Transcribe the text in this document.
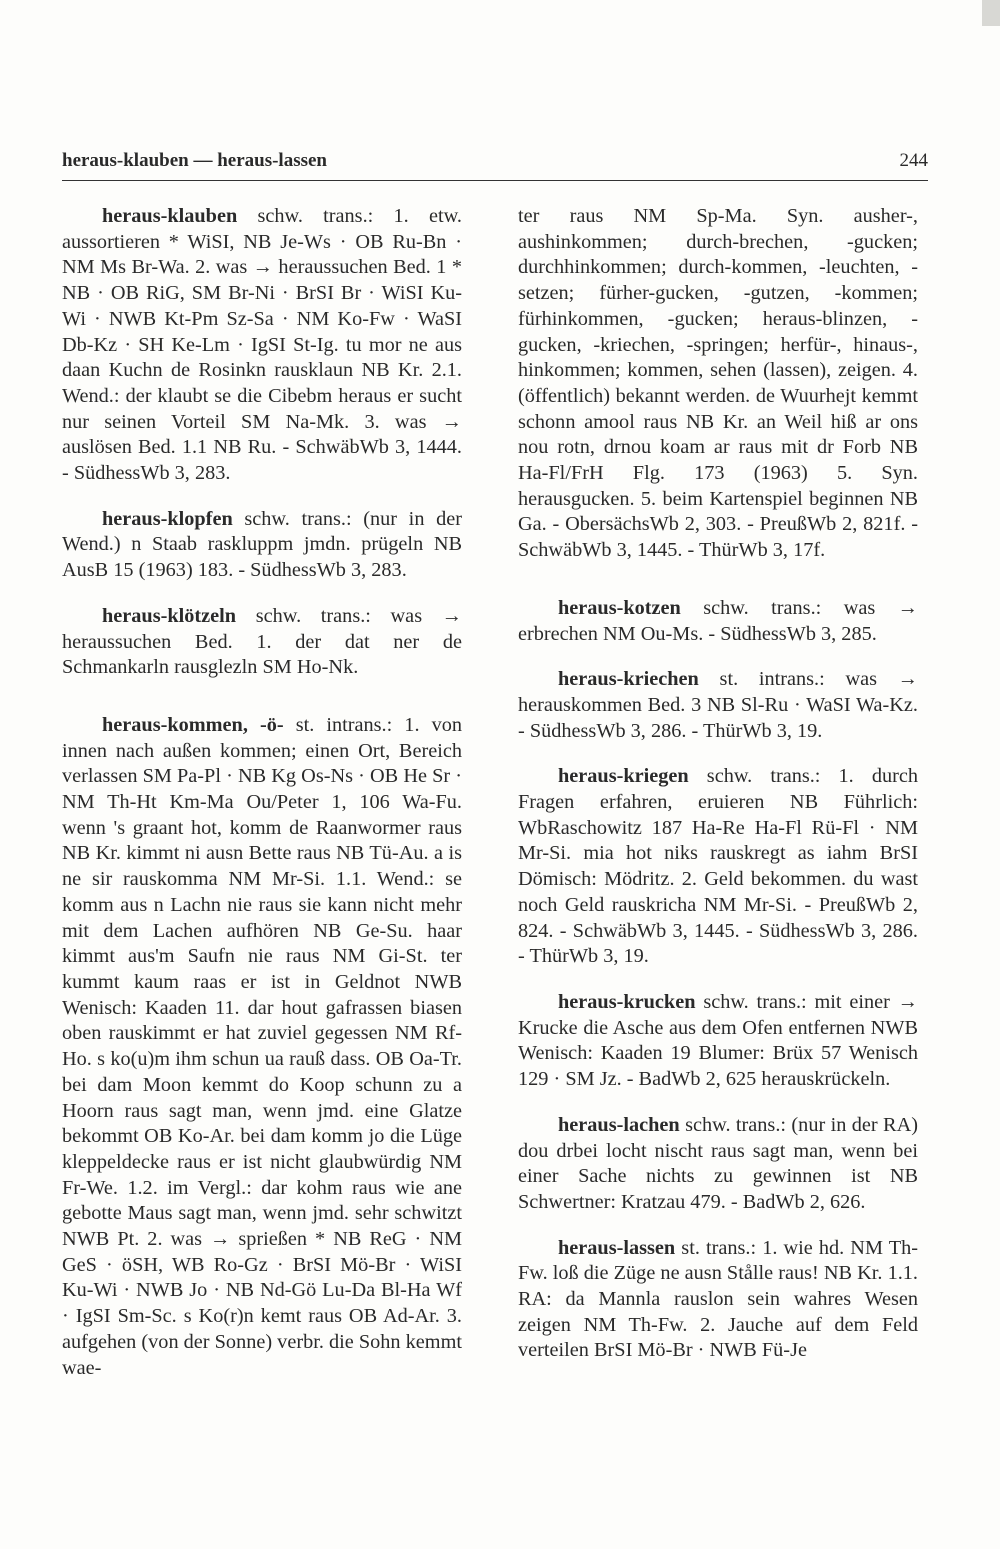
heraus-klauben — heraus-lassen	244

heraus-klauben schw. trans.: 1. etw. aussortieren * WiSI, NB Je-Ws · OB Ru-Bn · NM Ms Br-Wa. 2. was → heraussuchen Bed. 1 * NB · OB RiG, SM Br-Ni · BrSI Br · WiSI Ku-Wi · NWB Kt-Pm Sz-Sa · NM Ko-Fw · WaSI Db-Kz · SH Ke-Lm · IgSI St-Ig. tu mor ne aus daan Kuchn de Rosinkn rausklaun NB Kr. 2.1. Wend.: der klaubt se die Cibebm heraus er sucht nur seinen Vorteil SM Na-Mk. 3. was → auslösen Bed. 1.1 NB Ru. - SchwäbWb 3, 1444. - SüdhessWb 3, 283.

heraus-klopfen schw. trans.: (nur in der Wend.) n Staab raskluppm jmdn. prügeln NB AusB 15 (1963) 183. - SüdhessWb 3, 283.

heraus-klötzeln schw. trans.: was → heraussuchen Bed. 1. der dat ner de Schmankarln rausglezln SM Ho-Nk.

heraus-kommen, -ö- st. intrans.: 1. von innen nach außen kommen; einen Ort, Bereich verlassen SM Pa-Pl · NB Kg Os-Ns · OB He Sr · NM Th-Ht Km-Ma Ou/Peter 1, 106 Wa-Fu. wenn 's graant hot, komm de Raanwormer raus NB Kr. kimmt ni ausn Bette raus NB Tü-Au. a is ne sir rauskomma NM Mr-Si. 1.1. Wend.: se komm aus n Lachn nie raus sie kann nicht mehr mit dem Lachen aufhören NB Ge-Su. haar kimmt aus'm Saufn nie raus NM Gi-St. ter kummt kaum raas er ist in Geldnot NWB Wenisch: Kaaden 11. dar hout gafrassen biasen oben rauskimmt er hat zuviel gegessen NM Rf-Ho. s ko(u)m ihm schun ua rauß dass. OB Oa-Tr. bei dam Moon kemmt do Koop schunn zu a Hoorn raus sagt man, wenn jmd. eine Glatze bekommt OB Ko-Ar. bei dam komm jo die Lüge kleppeldecke raus er ist nicht glaubwürdig NM Fr-We. 1.2. im Vergl.: dar kohm raus wie ane gebotte Maus sagt man, wenn jmd. sehr schwitzt NWB Pt. 2. was → sprießen * NB ReG · NM GeS · öSH, WB Ro-Gz · BrSI Mö-Br · WiSI Ku-Wi · NWB Jo · NB Nd-Gö Lu-Da Bl-Ha Wf · IgSI Sm-Sc. s Ko(r)n kemt raus OB Ad-Ar. 3. aufgehen (von der Sonne) verbr. die Sohn kemmt wae-

ter raus NM Sp-Ma. Syn. ausher-, aushinkommen; durch-brechen, -gucken; durchhinkommen; durch-kommen, -leuchten, -setzen; fürher-gucken, -gutzen, -kommen; fürhinkommen, -gucken; heraus-blinzen, -gucken, -kriechen, -springen; herfür-, hinaus-, hinkommen; kommen, sehen (lassen), zeigen. 4. (öffentlich) bekannt werden. de Wuurhejt kemmt schonn amool raus NB Kr. an Weil hiß ar ons nou rotn, drnou koam ar raus mit dr Forb NB Ha-Fl/FrH Flg. 173 (1963) 5. Syn. herausgucken. 5. beim Kartenspiel beginnen NB Ga. - ObersächsWb 2, 303. - PreußWb 2, 821f. - SchwäbWb 3, 1445. - ThürWb 3, 17f.

heraus-kotzen schw. trans.: was → erbrechen NM Ou-Ms. - SüdhessWb 3, 285.

heraus-kriechen st. intrans.: was → herauskommen Bed. 3 NB Sl-Ru · WaSI Wa-Kz. - SüdhessWb 3, 286. - ThürWb 3, 19.

heraus-kriegen schw. trans.: 1. durch Fragen erfahren, eruieren NB Führlich: WbRaschowitz 187 Ha-Re Ha-Fl Rü-Fl · NM Mr-Si. mia hot niks rauskregt as iahm BrSI Dömisch: Mödritz. 2. Geld bekommen. du wast noch Geld rauskricha NM Mr-Si. - PreußWb 2, 824. - SchwäbWb 3, 1445. - SüdhessWb 3, 286. - ThürWb 3, 19.

heraus-krucken schw. trans.: mit einer → Krucke die Asche aus dem Ofen entfernen NWB Wenisch: Kaaden 19 Blumer: Brüx 57 Wenisch 129 · SM Jz. - BadWb 2, 625 herauskrückeln.

heraus-lachen schw. trans.: (nur in der RA) dou drbei locht nischt raus sagt man, wenn bei einer Sache nichts zu gewinnen ist NB Schwertner: Kratzau 479. - BadWb 2, 626.

heraus-lassen st. trans.: 1. wie hd. NM Th-Fw. loß die Züge ne ausn Stålle raus! NB Kr. 1.1. RA: da Mannla rauslon sein wahres Wesen zeigen NM Th-Fw. 2. Jauche auf dem Feld verteilen BrSI Mö-Br · NWB Fü-Je
